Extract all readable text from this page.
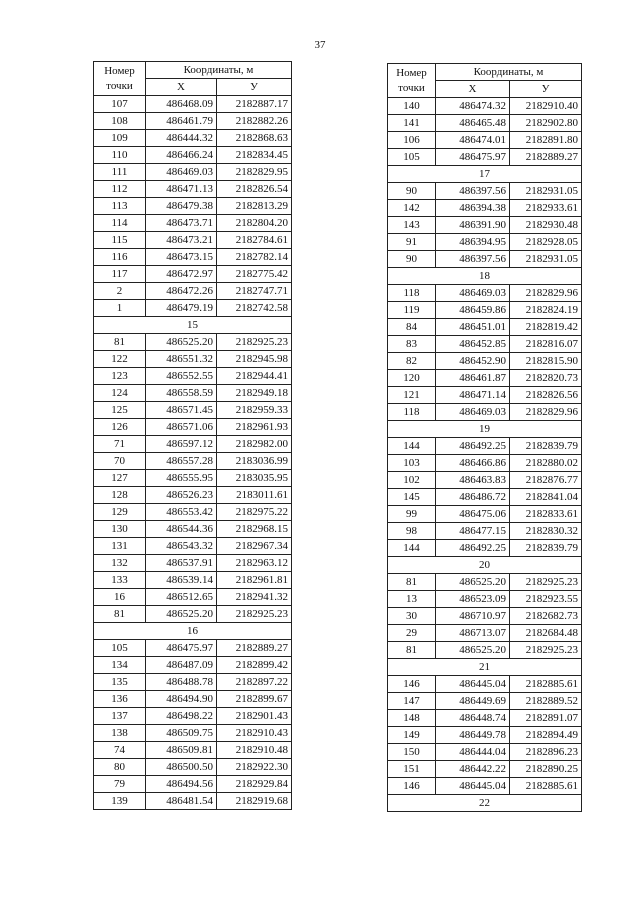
37
Номер
точки	Координаты, м	
	X	У
107	486468.09	2182887.17
108	486461.79	2182882.26
109	486444.32	2182868.63
110	486466.24	2182834.45
111	486469.03	2182829.95
112	486471.13	2182826.54
113	486479.38	2182813.29
114	486473.71	2182804.20
115	486473.21	2182784.61
116	486473.15	2182782.14
117	486472.97	2182775.42
2	486472.26	2182747.71
1	486479.19	2182742.58
15		
81	486525.20	2182925.23
122	486551.32	2182945.98
123	486552.55	2182944.41
124	486558.59	2182949.18
125	486571.45	2182959.33
126	486571.06	2182961.93
71	486597.12	2182982.00
70	486557.28	2183036.99
127	486555.95	2183035.95
128	486526.23	2183011.61
129	486553.42	2182975.22
130	486544.36	2182968.15
131	486543.32	2182967.34
132	486537.91	2182963.12
133	486539.14	2182961.81
16	486512.65	2182941.32
81	486525.20	2182925.23
16		
105	486475.97	2182889.27
134	486487.09	2182899.42
135	486488.78	2182897.22
136	486494.90	2182899.67
137	486498.22	2182901.43
138	486509.75	2182910.43
74	486509.81	2182910.48
80	486500.50	2182922.30
79	486494.56	2182929.84
139	486481.54	2182919.68
Номер
точки	Координаты, м	
	X	У
140	486474.32	2182910.40
141	486465.48	2182902.80
106	486474.01	2182891.80
105	486475.97	2182889.27
17		
90	486397.56	2182931.05
142	486394.38	2182933.61
143	486391.90	2182930.48
91	486394.95	2182928.05
90	486397.56	2182931.05
18		
118	486469.03	2182829.96
119	486459.86	2182824.19
84	486451.01	2182819.42
83	486452.85	2182816.07
82	486452.90	2182815.90
120	486461.87	2182820.73
121	486471.14	2182826.56
118	486469.03	2182829.96
19		
144	486492.25	2182839.79
103	486466.86	2182880.02
102	486463.83	2182876.77
145	486486.72	2182841.04
99	486475.06	2182833.61
98	486477.15	2182830.32
144	486492.25	2182839.79
20		
81	486525.20	2182925.23
13	486523.09	2182923.55
30	486710.97	2182682.73
29	486713.07	2182684.48
81	486525.20	2182925.23
21		
146	486445.04	2182885.61
147	486449.69	2182889.52
148	486448.74	2182891.07
149	486449.78	2182894.49
150	486444.04	2182896.23
151	486442.22	2182890.25
146	486445.04	2182885.61
22		
